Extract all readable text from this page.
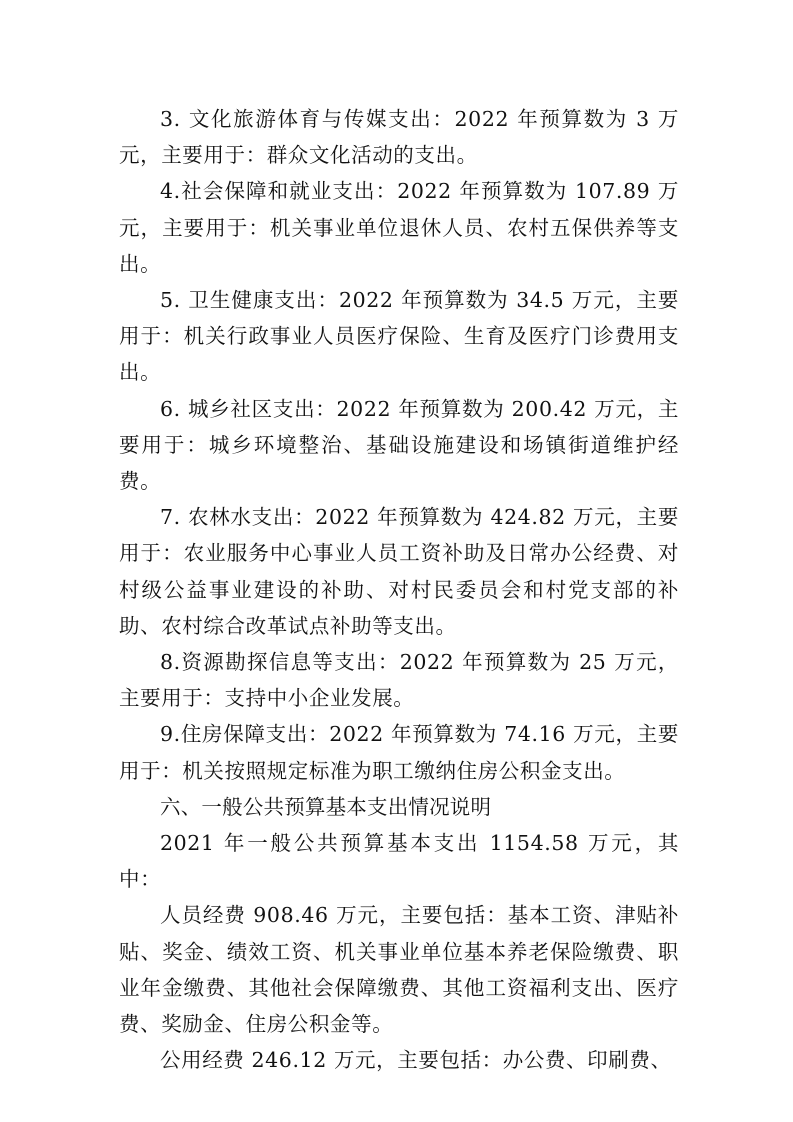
3. 文化旅游体育与传媒支出：2022 年预算数为 3 万元，主要用于：群众文化活动的支出。

4.社会保障和就业支出：2022 年预算数为 107.89 万元，主要用于：机关事业单位退休人员、农村五保供养等支出。

5. 卫生健康支出：2022 年预算数为 34.5 万元，主要用于：机关行政事业人员医疗保险、生育及医疗门诊费用支出。

6. 城乡社区支出：2022 年预算数为 200.42 万元，主要用于：城乡环境整治、基础设施建设和场镇街道维护经费。

7. 农林水支出：2022 年预算数为 424.82 万元，主要用于：农业服务中心事业人员工资补助及日常办公经费、对村级公益事业建设的补助、对村民委员会和村党支部的补助、农村综合改革试点补助等支出。

8.资源勘探信息等支出：2022 年预算数为 25 万元，主要用于：支持中小企业发展。

9.住房保障支出：2022 年预算数为 74.16 万元，主要用于：机关按照规定标准为职工缴纳住房公积金支出。

六、一般公共预算基本支出情况说明

2021 年一般公共预算基本支出 1154.58 万元，其中：

人员经费 908.46 万元，主要包括：基本工资、津贴补贴、奖金、绩效工资、机关事业单位基本养老保险缴费、职业年金缴费、其他社会保障缴费、其他工资福利支出、医疗费、奖励金、住房公积金等。

公用经费 246.12 万元，主要包括：办公费、印刷费、
